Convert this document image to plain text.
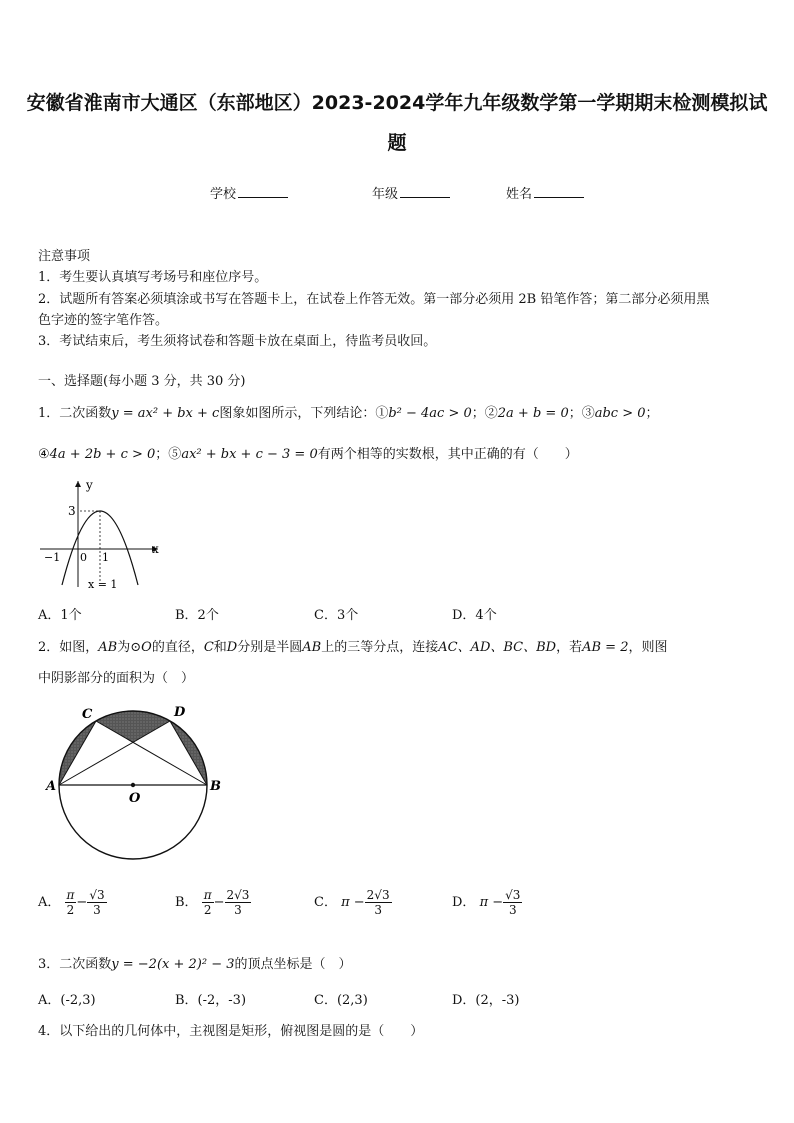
安徽省淮南市大通区（东部地区）2023-2024学年九年级数学第一学期期末检测模拟试
题
学校	年级	姓名
注意事项
1．考生要认真填写考场号和座位序号。
2．试题所有答案必须填涂或书写在答题卡上，在试卷上作答无效。第一部分必须用 2B 铅笔作答；第二部分必须用黑
色字迹的签字笔作答。
3．考试结束后，考生须将试卷和答题卡放在桌面上，待监考员收回。
一、选择题(每小题 3 分，共 30 分)
1．二次函数y = ax² + bx + c图象如图所示，下列结论：①b² − 4ac > 0；②2a + b = 0；③abc > 0；
④4a + 2b + c > 0；⑤ax² + bx + c − 3 = 0有两个相等的实数根，其中正确的有（　　）
y
x
3
−1 0 1
x = 1
A．1个	B．2个	C．3个	D．4个
2．如图，AB为⊙O的直径，C和D分别是半圆AB上的三等分点，连接AC、AD、BC、BD，若AB = 2，则图
中阴影部分的面积为（　）
A	B
C	D
O
A． $\frac{\pi}{2} - \frac{√3}{3}$	B． $\frac{\pi}{2} - \frac{2√3}{3}$	C． $\pi - \frac{2√3}{3}$	D． $\pi - \frac{√3}{3}$
3．二次函数y = −2(x + 2)² − 3的顶点坐标是（　）
A．(-2,3)	B．(-2，-3)	C．(2,3)	D．(2，-3)
4．以下给出的几何体中，主视图是矩形，俯视图是圆的是（　　）
